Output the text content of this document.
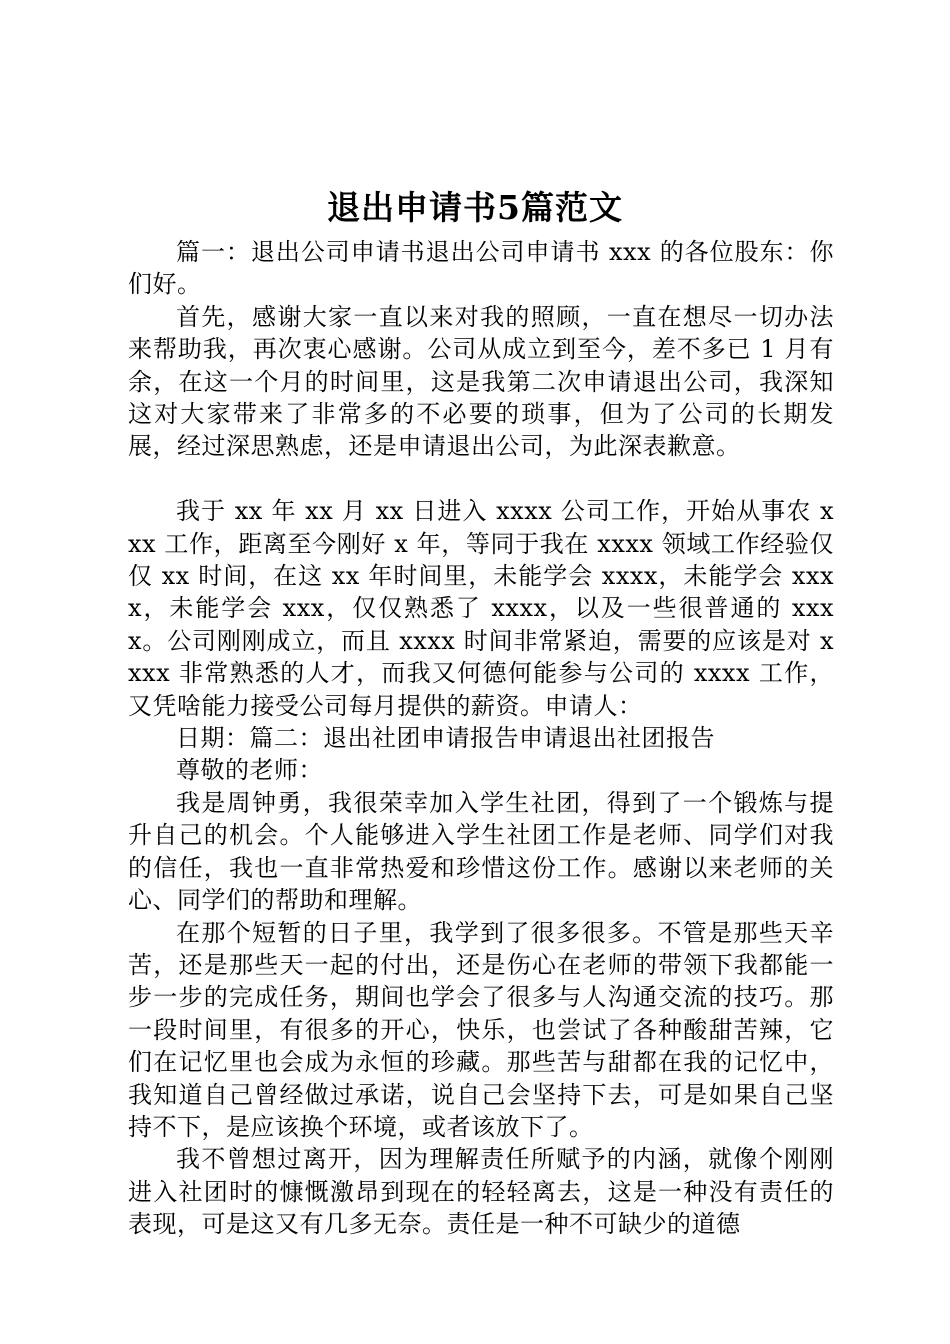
退出申请书5篇范文

篇一：退出公司申请书退出公司申请书 xxx 的各位股东：你们好。

首先，感谢大家一直以来对我的照顾，一直在想尽一切办法来帮助我，再次衷心感谢。公司从成立到至今，差不多已 1 月有余，在这一个月的时间里，这是我第二次申请退出公司，我深知这对大家带来了非常多的不必要的琐事，但为了公司的长期发展，经过深思熟虑，还是申请退出公司，为此深表歉意。

我于 xx 年 xx 月 xx 日进入 xxxx 公司工作，开始从事农 xxx 工作，距离至今刚好 x 年，等同于我在 xxxx 领域工作经验仅仅 xx 时间，在这 xx 年时间里，未能学会 xxxx，未能学会 xxxx，未能学会 xxx，仅仅熟悉了 xxxx，以及一些很普通的 xxxx。公司刚刚成立，而且 xxxx 时间非常紧迫，需要的应该是对 xxxx 非常熟悉的人才，而我又何德何能参与公司的 xxxx 工作，又凭啥能力接受公司每月提供的薪资。申请人：

日期：篇二：退出社团申请报告申请退出社团报告

尊敬的老师：

我是周钟勇，我很荣幸加入学生社团，得到了一个锻炼与提升自己的机会。个人能够进入学生社团工作是老师、同学们对我的信任，我也一直非常热爱和珍惜这份工作。感谢以来老师的关心、同学们的帮助和理解。

在那个短暂的日子里，我学到了很多很多。不管是那些天辛苦，还是那些天一起的付出，还是伤心在老师的带领下我都能一步一步的完成任务，期间也学会了很多与人沟通交流的技巧。那一段时间里，有很多的开心，快乐，也尝试了各种酸甜苦辣，它们在记忆里也会成为永恒的珍藏。那些苦与甜都在我的记忆中，我知道自己曾经做过承诺，说自己会坚持下去，可是如果自己坚持不下，是应该换个环境，或者该放下了。

我不曾想过离开，因为理解责任所赋予的内涵，就像个刚刚进入社团时的慷慨激昂到现在的轻轻离去，这是一种没有责任的表现，可是这又有几多无奈。责任是一种不可缺少的道德
